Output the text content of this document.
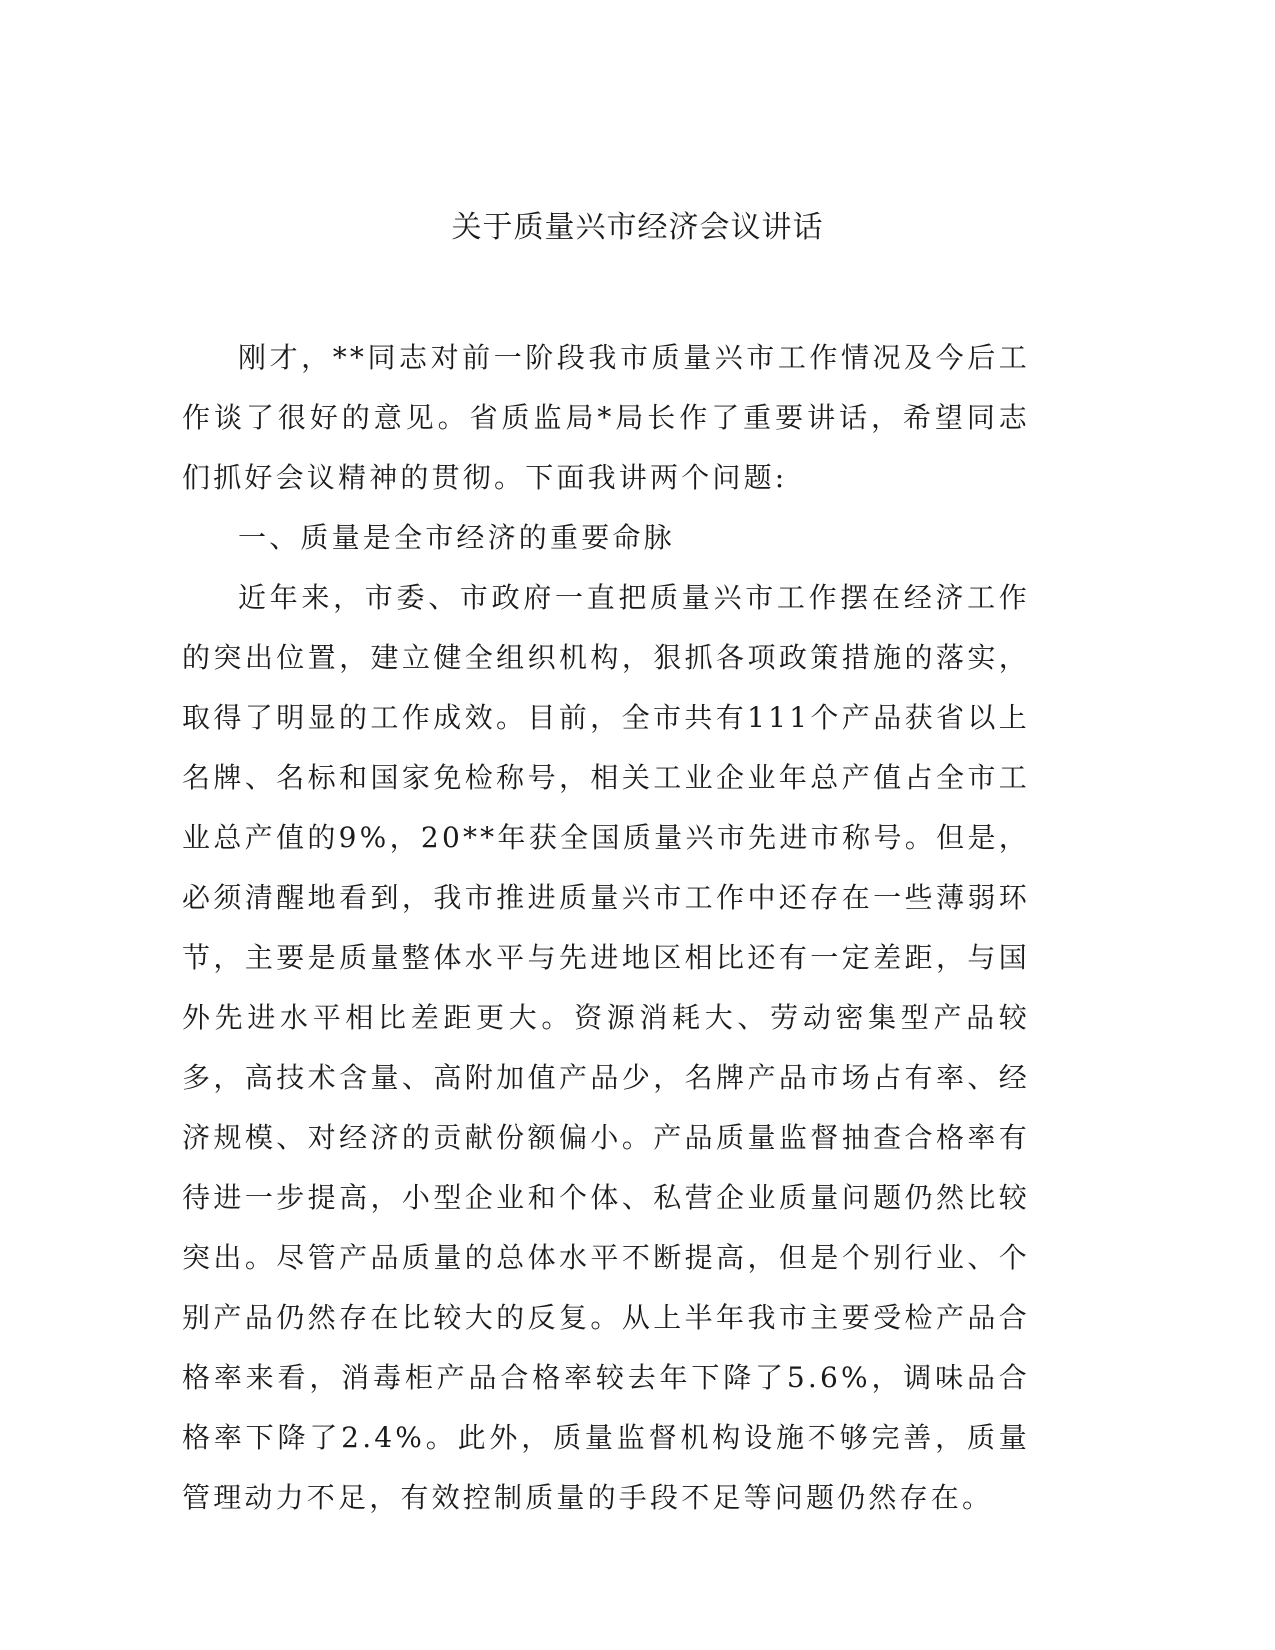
关于质量兴市经济会议讲话

刚才，**同志对前一阶段我市质量兴市工作情况及今后工作谈了很好的意见。省质监局*局长作了重要讲话，希望同志们抓好会议精神的贯彻。下面我讲两个问题:

一、质量是全市经济的重要命脉

近年来，市委、市政府一直把质量兴市工作摆在经济工作的突出位置，建立健全组织机构，狠抓各项政策措施的落实，取得了明显的工作成效。目前，全市共有111个产品获省以上名牌、名标和国家免检称号，相关工业企业年总产值占全市工业总产值的9%，20**年获全国质量兴市先进市称号。但是，必须清醒地看到，我市推进质量兴市工作中还存在一些薄弱环节，主要是质量整体水平与先进地区相比还有一定差距，与国外先进水平相比差距更大。资源消耗大、劳动密集型产品较多，高技术含量、高附加值产品少，名牌产品市场占有率、经济规模、对经济的贡献份额偏小。产品质量监督抽查合格率有待进一步提高，小型企业和个体、私营企业质量问题仍然比较突出。尽管产品质量的总体水平不断提高，但是个别行业、个别产品仍然存在比较大的反复。从上半年我市主要受检产品合格率来看，消毒柜产品合格率较去年下降了5.6%，调味品合格率下降了2.4%。此外，质量监督机构设施不够完善，质量管理动力不足，有效控制质量的手段不足等问题仍然存在。
